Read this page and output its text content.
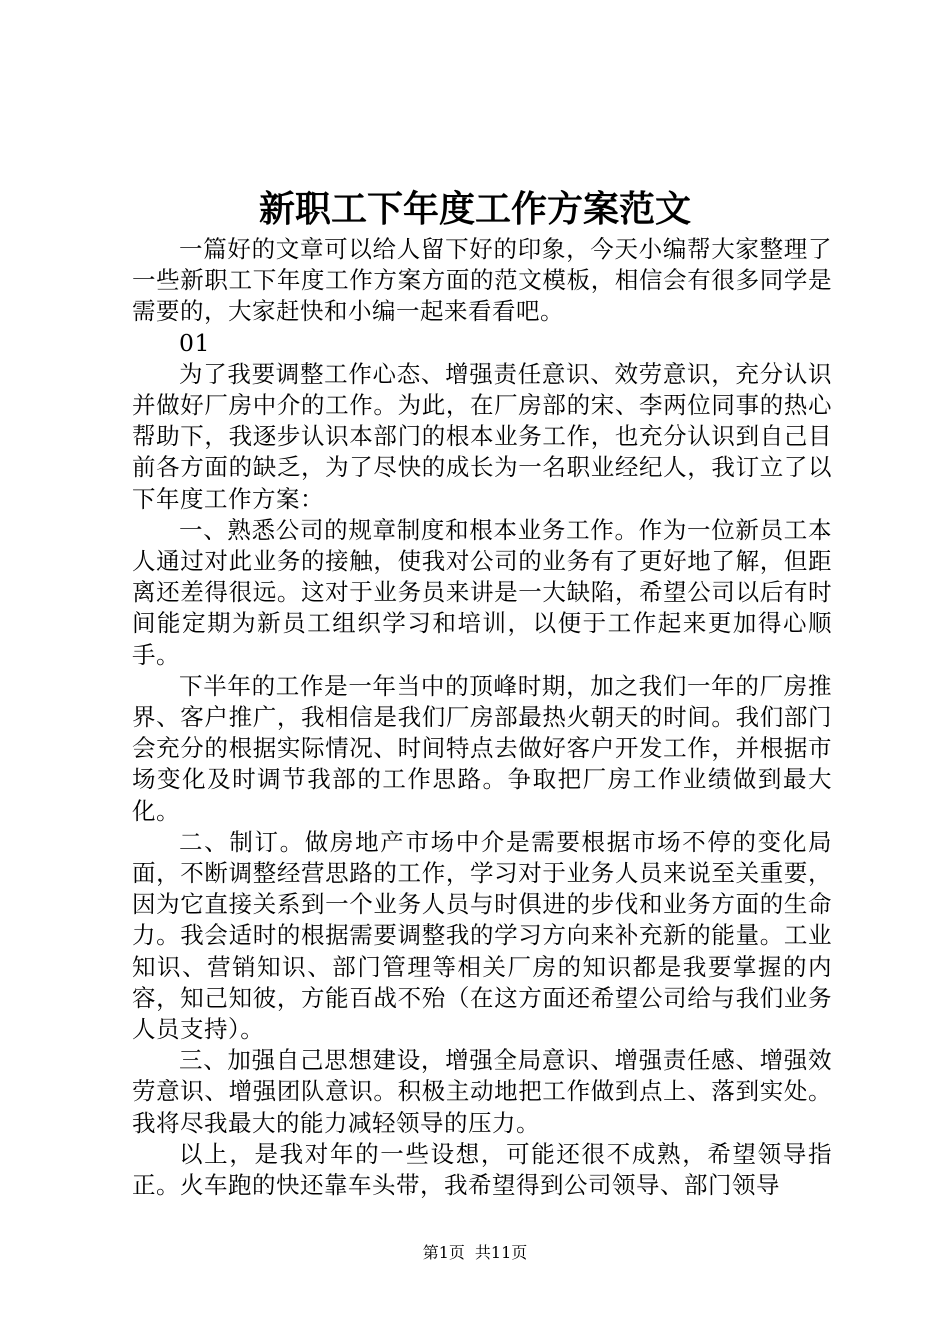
新职工下年度工作方案范文

一篇好的文章可以给人留下好的印象，今天小编帮大家整理了一些新职工下年度工作方案方面的范文模板，相信会有很多同学是需要的，大家赶快和小编一起来看看吧。

01

为了我要调整工作心态、增强责任意识、效劳意识，充分认识并做好厂房中介的工作。为此，在厂房部的宋、李两位同事的热心帮助下，我逐步认识本部门的根本业务工作，也充分认识到自己目前各方面的缺乏，为了尽快的成长为一名职业经纪人，我订立了以下年度工作方案：

一、熟悉公司的规章制度和根本业务工作。作为一位新员工本人通过对此业务的接触，使我对公司的业务有了更好地了解，但距离还差得很远。这对于业务员来讲是一大缺陷，希望公司以后有时间能定期为新员工组织学习和培训，以便于工作起来更加得心顺手。

下半年的工作是一年当中的顶峰时期，加之我们一年的厂房推界、客户推广，我相信是我们厂房部最热火朝天的时间。我们部门会充分的根据实际情况、时间特点去做好客户开发工作，并根据市场变化及时调节我部的工作思路。争取把厂房工作业绩做到最大化。

二、制订。做房地产市场中介是需要根据市场不停的变化局面，不断调整经营思路的工作，学习对于业务人员来说至关重要，因为它直接关系到一个业务人员与时俱进的步伐和业务方面的生命力。我会适时的根据需要调整我的学习方向来补充新的能量。工业知识、营销知识、部门管理等相关厂房的知识都是我要掌握的内容，知己知彼，方能百战不殆（在这方面还希望公司给与我们业务人员支持）。

三、加强自己思想建设，增强全局意识、增强责任感、增强效劳意识、增强团队意识。积极主动地把工作做到点上、落到实处。我将尽我最大的能力减轻领导的压力。

以上，是我对年的一些设想，可能还很不成熟，希望领导指正。火车跑的快还靠车头带，我希望得到公司领导、部门领导

第1页 共11页
